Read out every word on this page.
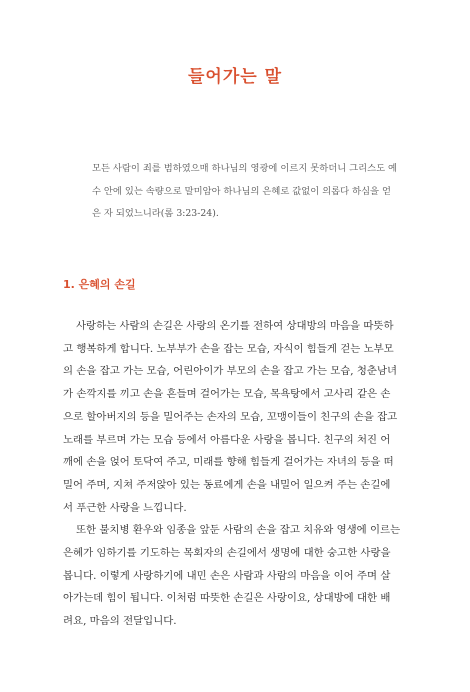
들어가는 말
모든 사람이 죄를 범하였으매 하나님의 영광에 이르지 못하더니 그리스도 예
수 안에 있는 속량으로 말미암아 하나님의 은혜로 값없이 의롭다 하심을 얻
은 자 되었느니라(롬 3:23-24).
1. 은혜의 손길
사랑하는 사람의 손길은 사랑의 온기를 전하여 상대방의 마음을 따뜻하
고 행복하게 합니다. 노부부가 손을 잡는 모습, 자식이 힘들게 걷는 노부모
의 손을 잡고 가는 모습, 어린아이가 부모의 손을 잡고 가는 모습, 청춘남녀
가 손깍지를 끼고 손을 흔들며 걸어가는 모습, 목욕탕에서 고사리 같은 손
으로 할아버지의 등을 밀어주는 손자의 모습, 꼬맹이들이 친구의 손을 잡고
노래를 부르며 가는 모습 등에서 아름다운 사랑을 봅니다. 친구의 처진 어
깨에 손을 얹어 토닥여 주고, 미래를 향해 힘들게 걸어가는 자녀의 등을 떠
밀어 주며, 지쳐 주저앉아 있는 동료에게 손을 내밀어 일으켜 주는 손길에
서 푸근한 사랑을 느낍니다.
또한 불치병 환우와 임종을 앞둔 사람의 손을 잡고 치유와 영생에 이르는
은혜가 임하기를 기도하는 목회자의 손길에서 생명에 대한 숭고한 사랑을
봅니다. 이렇게 사랑하기에 내민 손은 사람과 사람의 마음을 이어 주며 살
아가는데 힘이 됩니다. 이처럼 따뜻한 손길은 사랑이요, 상대방에 대한 배
려요, 마음의 전달입니다.
